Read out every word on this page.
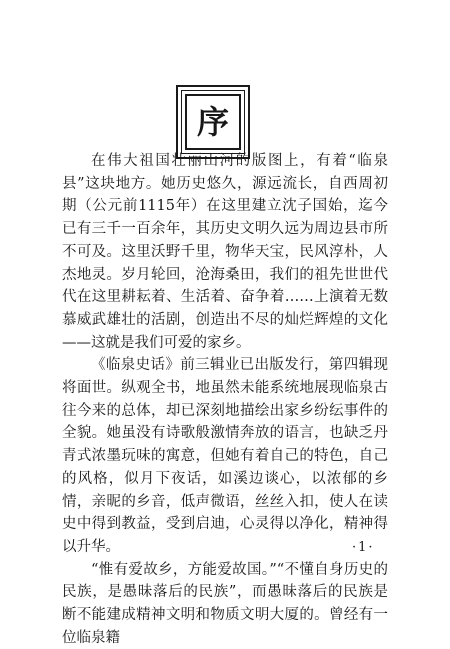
序

在伟大祖国壮丽山河的版图上，有着“临泉县”这块地方。她历史悠久，源远流长，自西周初期（公元前1115年）在这里建立沈子国始，迄今已有三千一百余年，其历史文明久远为周边县市所不可及。这里沃野千里，物华天宝，民风淳朴，人杰地灵。岁月轮回，沧海桑田，我们的祖先世世代代在这里耕耘着、生活着、奋争着……上演着无数慕威武雄壮的活剧，创造出不尽的灿烂辉煌的文化——这就是我们可爱的家乡。

《临泉史话》前三辑业已出版发行，第四辑现将面世。纵观全书，地虽然未能系统地展现临泉古往今来的总体，却已深刻地描绘出家乡纷纭事件的全貌。她虽没有诗歌般激情奔放的语言，也缺乏丹青式浓墨玩味的寓意，但她有着自己的特色，自己的风格，似月下夜话，如溪边谈心，以浓郁的乡情，亲昵的乡音，低声微语，丝丝入扣，使人在读史中得到教益，受到启迪，心灵得以净化，精神得以升华。

“惟有爱故乡，方能爱故国。”“不懂自身历史的民族，是愚昧落后的民族”，而愚昧落后的民族是断不能建成精神文明和物质文明大厦的。曾经有一位临泉籍

·1·
